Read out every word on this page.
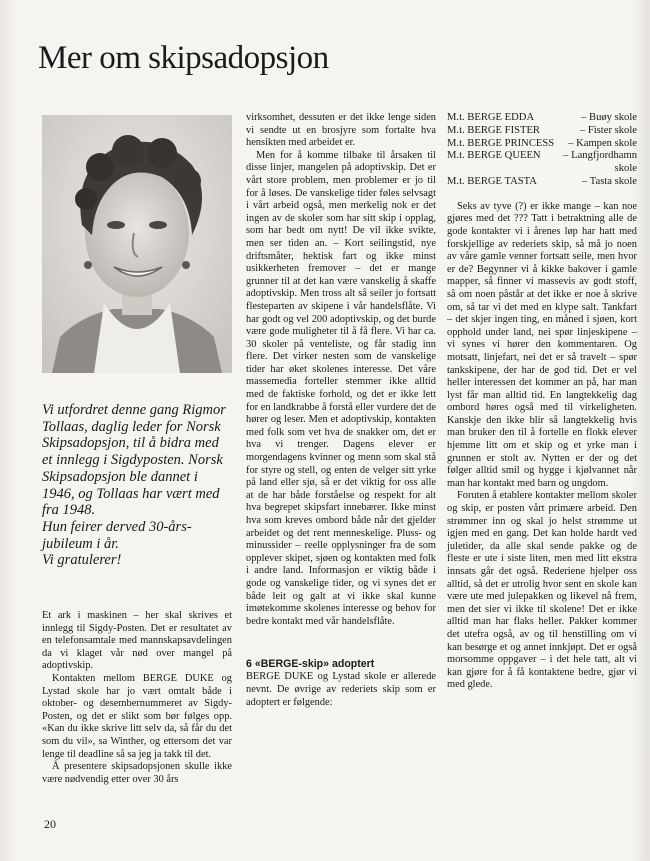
Mer om skipsadopsjon

Vi utfordret denne gang Rigmor Tollaas, daglig leder for Norsk Skipsadopsjon, til å bidra med et innlegg i Sigdyposten. Norsk Skipsadopsjon ble dannet i 1946, og Tollaas har vært med fra 1948.

Hun feirer derved 30-års-jubileum i år.

Vi gratulerer!

Et ark i maskinen – her skal skrives et innlegg til Sigdy-Posten. Det er resultatet av en telefonsamtale med mannskapsavdelingen da vi klaget vår nød over mangel på adoptivskip.

Kontakten mellom BERGE DUKE og Lystad skole har jo vært omtalt både i oktober- og desembernummeret av Sigdy-Posten, og det er slikt som bør følges opp. «Kan du ikke skrive litt selv da, så får du det som du vil», sa Winther, og ettersom det var lenge til deadline så sa jeg ja takk til det.

Å presentere skipsadopsjonen skulle ikke være nødvendig etter over 30 års

virksomhet, dessuten er det ikke lenge siden vi sendte ut en brosjyre som fortalte hva hensikten med arbeidet er.

Men for å komme tilbake til årsaken til disse linjer, mangelen på adoptivskip. Det er vårt store problem, men problemer er jo til for å løses. De vanskelige tider føles selvsagt i vårt arbeid også, men merkelig nok er det ingen av de skoler som har sitt skip i opplag, som har bedt om nytt! De vil ikke svikte, men ser tiden an. – Kort seilingstid, nye driftsmåter, hektisk fart og ikke minst usikkerheten fremover – det er mange grunner til at det kan være vanskelig å skaffe adoptivskip. Men tross alt så seiler jo fortsatt flesteparten av skipene i vår handelsflåte. Vi har godt og vel 200 adoptivskip, og det burde være gode muligheter til å få flere. Vi har ca. 30 skoler på venteliste, og får stadig inn flere. Det virker nesten som de vanskelige tider har øket skolenes interesse. Det våre massemedia forteller stemmer ikke alltid med de faktiske forhold, og det er ikke lett for en landkrabbe å forstå eller vurdere det de hører og leser. Men et adoptivskip, kontakten med folk som vet hva de snakker om, det er hva vi trenger. Dagens elever er morgendagens kvinner og menn som skal stå for styre og stell, og enten de velger sitt yrke på land eller sjø, så er det viktig for oss alle at de har både forståelse og respekt for alt hva begrepet skipsfart innebærer. Ikke minst hva som kreves ombord både når det gjelder arbeidet og det rent menneskelige. Pluss- og minussider – reelle opplysninger fra de som opplever skipet, sjøen og kontakten med folk i andre land. Informasjon er viktig både i gode og vanskelige tider, og vi synes det er både leit og galt at vi ikke skal kunne imøtekomme skolenes interesse og behov for bedre kontakt med vår handelsflåte.

6 «BERGE-skip» adoptert

BERGE DUKE og Lystad skole er allerede nevnt. De øvrige av rederiets skip som er adoptert er følgende:

M.t. BERGE EDDA
	– Buøy skole
M.t. BERGE FISTER
	– Fister skole
M.t. BERGE PRINCESS
	– Kampen skole
M.t. BERGE QUEEN
	– Langfjordhamn skole
M.t. BERGE TASTA
	– Tasta skole

Seks av tyve (?) er ikke mange – kan noe gjøres med det ??? Tatt i betraktning alle de gode kontakter vi i årenes løp har hatt med forskjellige av rederiets skip, så må jo noen av våre gamle venner fortsatt seile, men hvor er de? Begynner vi å kikke bakover i gamle mapper, så finner vi massevis av godt stoff, så om noen påstår at det ikke er noe å skrive om, så tar vi det med en klype salt. Tankfart – det skjer ingen ting, en måned i sjøen, kort opphold under land, nei spør linjeskipene – vi synes vi hører den kommentaren. Og motsatt, linjefart, nei det er så travelt – spør tankskipene, der har de god tid. Det er vel heller interessen det kommer an på, har man lyst får man alltid tid. En langtekkelig dag ombord høres også med til virkeligheten. Kanskje den ikke blir så langtekkelig hvis man bruker den til å fortelle en flokk elever hjemme litt om et skip og et yrke man i grunnen er stolt av. Nytten er der og det følger alltid smil og hygge i kjølvannet når man har kontakt med barn og ungdom.

Foruten å etablere kontakter mellom skoler og skip, er posten vårt primære arbeid. Den strømmer inn og skal jo helst strømme ut igjen med en gang. Det kan holde hardt ved juletider, da alle skal sende pakke og de fleste er ute i siste liten, men med litt ekstra innsats går det også. Rederiene hjelper oss alltid, så det er utrolig hvor sent en skole kan være ute med julepakken og likevel nå frem, men det sier vi ikke til skolene! Det er ikke alltid man har flaks heller. Pakker kommer det utefra også, av og til henstilling om vi kan besørge et og annet innkjøpt. Det er også morsomme oppgaver – i det hele tatt, alt vi kan gjøre for å få kontaktene bedre, gjør vi med glede.

20
